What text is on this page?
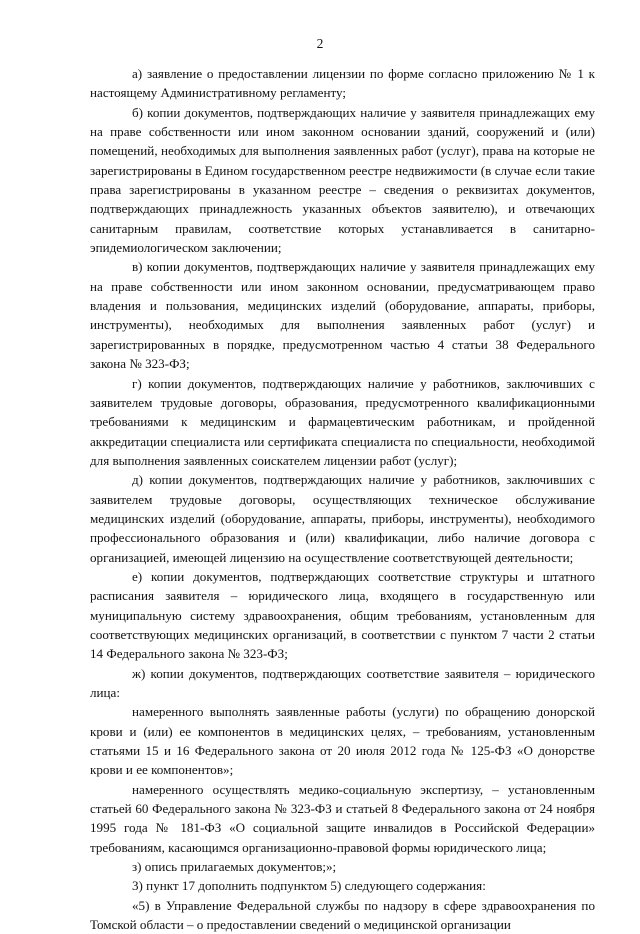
2

а) заявление о предоставлении лицензии по форме согласно приложению № 1 к настоящему Административному регламенту;

б) копии документов, подтверждающих наличие у заявителя принадлежащих ему на праве собственности или ином законном основании зданий, сооружений и (или) помещений, необходимых для выполнения заявленных работ (услуг), права на которые не зарегистрированы в Едином государственном реестре недвижимости (в случае если такие права зарегистрированы в указанном реестре – сведения о реквизитах документов, подтверждающих принадлежность указанных объектов заявителю), и отвечающих санитарным правилам, соответствие которых устанавливается в санитарно-эпидемиологическом заключении;

в) копии документов, подтверждающих наличие у заявителя принадлежащих ему на праве собственности или ином законном основании, предусматривающем право владения и пользования, медицинских изделий (оборудование, аппараты, приборы, инструменты), необходимых для выполнения заявленных работ (услуг) и зарегистрированных в порядке, предусмотренном частью 4 статьи 38 Федерального закона № 323-ФЗ;

г) копии документов, подтверждающих наличие у работников, заключивших с заявителем трудовые договоры, образования, предусмотренного квалификационными требованиями к медицинским и фармацевтическим работникам, и пройденной аккредитации специалиста или сертификата специалиста по специальности, необходимой для выполнения заявленных соискателем лицензии работ (услуг);

д) копии документов, подтверждающих наличие у работников, заключивших с заявителем трудовые договоры, осуществляющих техническое обслуживание медицинских изделий (оборудование, аппараты, приборы, инструменты), необходимого профессионального образования и (или) квалификации, либо наличие договора с организацией, имеющей лицензию на осуществление соответствующей деятельности;

е) копии документов, подтверждающих соответствие структуры и штатного расписания заявителя – юридического лица, входящего в государственную или муниципальную систему здравоохранения, общим требованиям, установленным для соответствующих медицинских организаций, в соответствии с пунктом 7 части 2 статьи 14 Федерального закона № 323-ФЗ;

ж) копии документов, подтверждающих соответствие заявителя – юридического лица:

намеренного выполнять заявленные работы (услуги) по обращению донорской крови и (или) ее компонентов в медицинских целях, – требованиям, установленным статьями 15 и 16 Федерального закона от 20 июля 2012 года № 125-ФЗ «О донорстве крови и ее компонентов»;

намеренного осуществлять медико-социальную экспертизу, – установленным статьей 60 Федерального закона № 323-ФЗ и статьей 8 Федерального закона от 24 ноября 1995 года № 181-ФЗ «О социальной защите инвалидов в Российской Федерации» требованиям, касающимся организационно-правовой формы юридического лица;

з) опись прилагаемых документов;»;

3) пункт 17 дополнить подпунктом 5) следующего содержания:

«5) в Управление Федеральной службы по надзору в сфере здравоохранения по Томской области – о предоставлении сведений о медицинской организации
